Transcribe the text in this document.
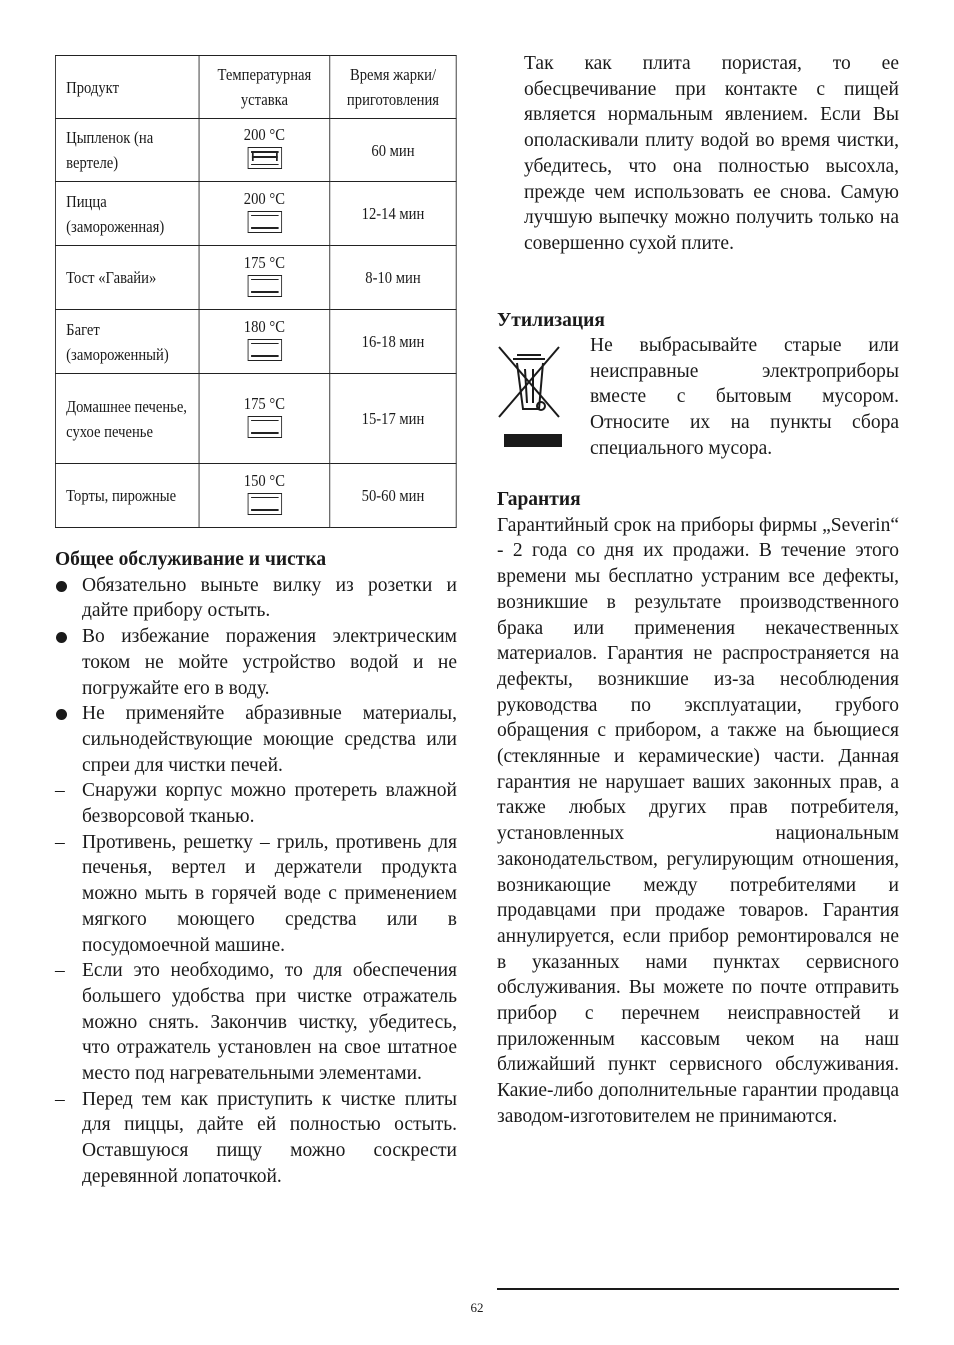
Продукт	Температурная уставка	Время жарки/ приготовления
Цыпленок (на вертеле)	200 °C	60 мин
Пицца (замороженная)	200 °C	12-14 мин
Тост «Гавайи»	175 °C	8-10 мин
Багет (замороженный)	180 °C	16-18 мин
Домашнее печенье, сухое печенье	175 °C	15-17 мин
Торты, пирожные	150 °C	50-60 мин

Общее обслуживание и чистка

Обязательно выньте вилку из розетки и дайте прибору остыть.
Во избежание поражения электрическим током не мойте устройство водой и не погружайте его в воду.
Не применяйте абразивные материалы, сильнодействующие моющие средства или спреи для чистки печей.
– Снаружи корпус можно протереть влажной безворсовой тканью.
– Противень, решетку – гриль, противень для печенья, вертел и держатели продукта можно мыть в горячей воде с применением мягкого моющего средства или в посудомоечной машине.
– Если это необходимо, то для обеспечения большего удобства при чистке отражатель можно снять. Закончив чистку, убедитесь, что отражатель установлен на свое штатное место под нагревательными элементами.
– Перед тем как приступить к чистке плиты для пиццы, дайте ей полностью остыть. Оставшуюся пищу можно соскрести деревянной лопаточкой.

Так как плита пористая, то ее обесцвечивание при контакте с пищей является нормальным явлением. Если Вы ополаскивали плиту водой во время чистки, убедитесь, что она полностью высохла, прежде чем использовать ее снова. Самую лучшую выпечку можно получить только на совершенно сухой плите.

Утилизация

Не выбрасывайте старые или неисправные электроприборы вместе с бытовым мусором. Относите их на пункты сбора специального мусора.

Гарантия

Гарантийный срок на приборы фирмы „Severin“ - 2 года со дня их продажи. В течение этого времени мы бесплатно устраним все дефекты, возникшие в результате производственного брака или применения некачественных материалов. Гарантия не распространяется на дефекты, возникшие из-за несоблюдения руководства по эксплуатации, грубого обращения с прибором, а также на бьющиеся (стеклянные и керамические) части. Данная гарантия не нарушает ваших законных прав, а также любых других прав потребителя, установленных национальным законодательством, регулирующим отношения, возникающие между потребителями и продавцами при продаже товаров. Гарантия аннулируется, если прибор ремонтировался не в указанных нами пунктах сервисного обслуживания. Вы можете по почте отправить прибор с перечнем неисправностей и приложенным кассовым чеком на наш ближайший пункт сервисного обслуживания. Какие-либо дополнительные гарантии продавца заводом-изготовителем не принимаются.

62
